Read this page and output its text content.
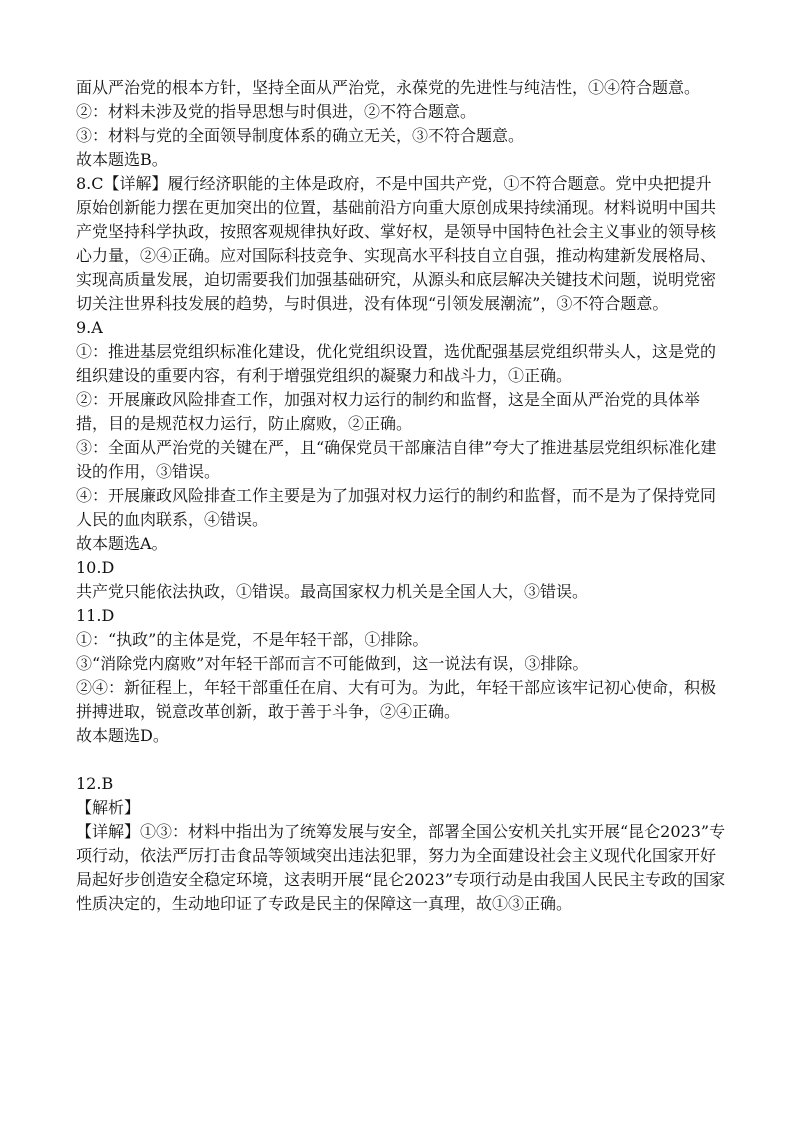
面从严治党的根本方针，坚持全面从严治党，永葆党的先进性与纯洁性，①④符合题意。

②：材料未涉及党的指导思想与时俱进，②不符合题意。

③：材料与党的全面领导制度体系的确立无关，③不符合题意。

故本题选B。

8.C【详解】履行经济职能的主体是政府，不是中国共产党，①不符合题意。党中央把提升原始创新能力摆在更加突出的位置，基础前沿方向重大原创成果持续涌现。材料说明中国共产党坚持科学执政，按照客观规律执好政、掌好权，是领导中国特色社会主义事业的领导核心力量，②④正确。应对国际科技竞争、实现高水平科技自立自强，推动构建新发展格局、实现高质量发展，迫切需要我们加强基础研究，从源头和底层解决关键技术问题，说明党密切关注世界科技发展的趋势，与时俱进，没有体现“引领发展潮流”，③不符合题意。

9.A

①：推进基层党组织标准化建设，优化党组织设置，选优配强基层党组织带头人，这是党的组织建设的重要内容，有利于增强党组织的凝聚力和战斗力，①正确。

②：开展廉政风险排查工作，加强对权力运行的制约和监督，这是全面从严治党的具体举措，目的是规范权力运行，防止腐败，②正确。

③：全面从严治党的关键在严，且“确保党员干部廉洁自律”夸大了推进基层党组织标准化建设的作用，③错误。

④：开展廉政风险排查工作主要是为了加强对权力运行的制约和监督，而不是为了保持党同人民的血肉联系，④错误。

故本题选A。

10.D

共产党只能依法执政，①错误。最高国家权力机关是全国人大，③错误。

11.D

①：“执政”的主体是党，不是年轻干部，①排除。

③“消除党内腐败”对年轻干部而言不可能做到，这一说法有误，③排除。

②④：新征程上，年轻干部重任在肩、大有可为。为此，年轻干部应该牢记初心使命，积极拼搏进取，锐意改革创新，敢于善于斗争，②④正确。

故本题选D。

12.B

【解析】

【详解】①③：材料中指出为了统筹发展与安全，部署全国公安机关扎实开展“昆仑2023”专项行动，依法严厉打击食品等领域突出违法犯罪，努力为全面建设社会主义现代化国家开好局起好步创造安全稳定环境，这表明开展“昆仑2023”专项行动是由我国人民民主专政的国家性质决定的，生动地印证了专政是民主的保障这一真理，故①③正确。
